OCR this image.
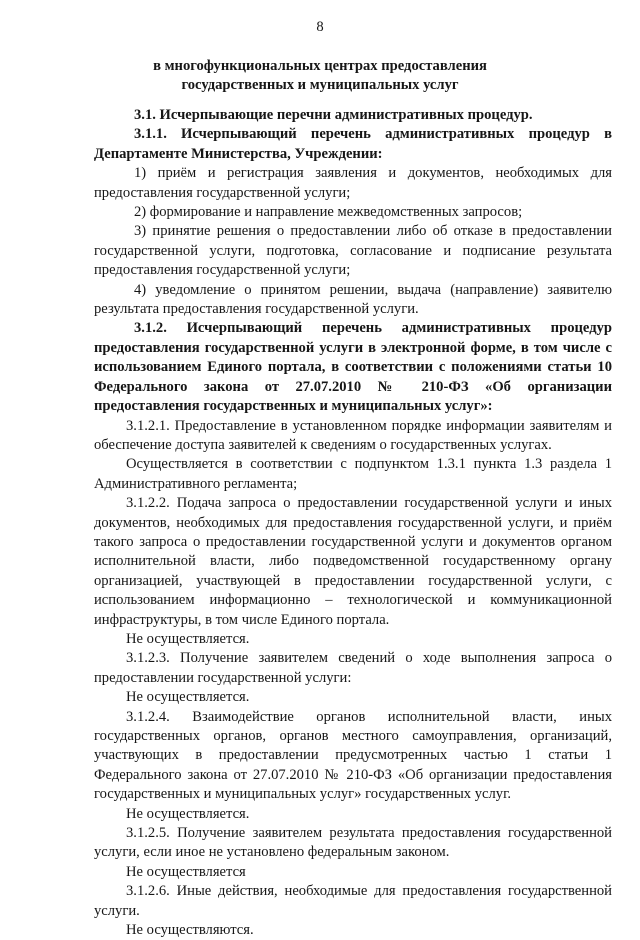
8
в многофункциональных центрах предоставления
государственных и муниципальных услуг

3.1. Исчерпывающие перечни административных процедур.

3.1.1. Исчерпывающий перечень административных процедур в Департаменте Министерства, Учреждении:

1) приём и регистрация заявления и документов, необходимых для предоставления государственной услуги;

2) формирование и направление межведомственных запросов;

3) принятие решения о предоставлении либо об отказе в предоставлении государственной услуги, подготовка, согласование и подписание результата предоставления государственной услуги;

4) уведомление о принятом решении, выдача (направление) заявителю результата предоставления государственной услуги.

3.1.2. Исчерпывающий перечень административных процедур предоставления государственной услуги в электронной форме, в том числе с использованием Единого портала, в соответствии с положениями статьи 10 Федерального закона от 27.07.2010 № 210-ФЗ «Об организации предоставления государственных и муниципальных услуг»:

3.1.2.1. Предоставление в установленном порядке информации заявителям и обеспечение доступа заявителей к сведениям о государственных услугах.

Осуществляется в соответствии с подпунктом 1.3.1 пункта 1.3 раздела 1 Административного регламента;

3.1.2.2. Подача запроса о предоставлении государственной услуги и иных документов, необходимых для предоставления государственной услуги, и приём такого запроса о предоставлении государственной услуги и документов органом исполнительной власти, либо подведомственной государственному органу организацией, участвующей в предоставлении государственной услуги, с использованием информационно – технологической и коммуникационной инфраструктуры, в том числе Единого портала.

Не осуществляется.

3.1.2.3. Получение заявителем сведений о ходе выполнения запроса о предоставлении государственной услуги:

Не осуществляется.

3.1.2.4. Взаимодействие органов исполнительной власти, иных государственных органов, органов местного самоуправления, организаций, участвующих в предоставлении предусмотренных частью 1 статьи 1 Федерального закона от 27.07.2010 № 210-ФЗ «Об организации предоставления государственных и муниципальных услуг» государственных услуг.

Не осуществляется.

3.1.2.5. Получение заявителем результата предоставления государственной услуги, если иное не установлено федеральным законом.

Не осуществляется

3.1.2.6. Иные действия, необходимые для предоставления государственной услуги.

Не осуществляются.
